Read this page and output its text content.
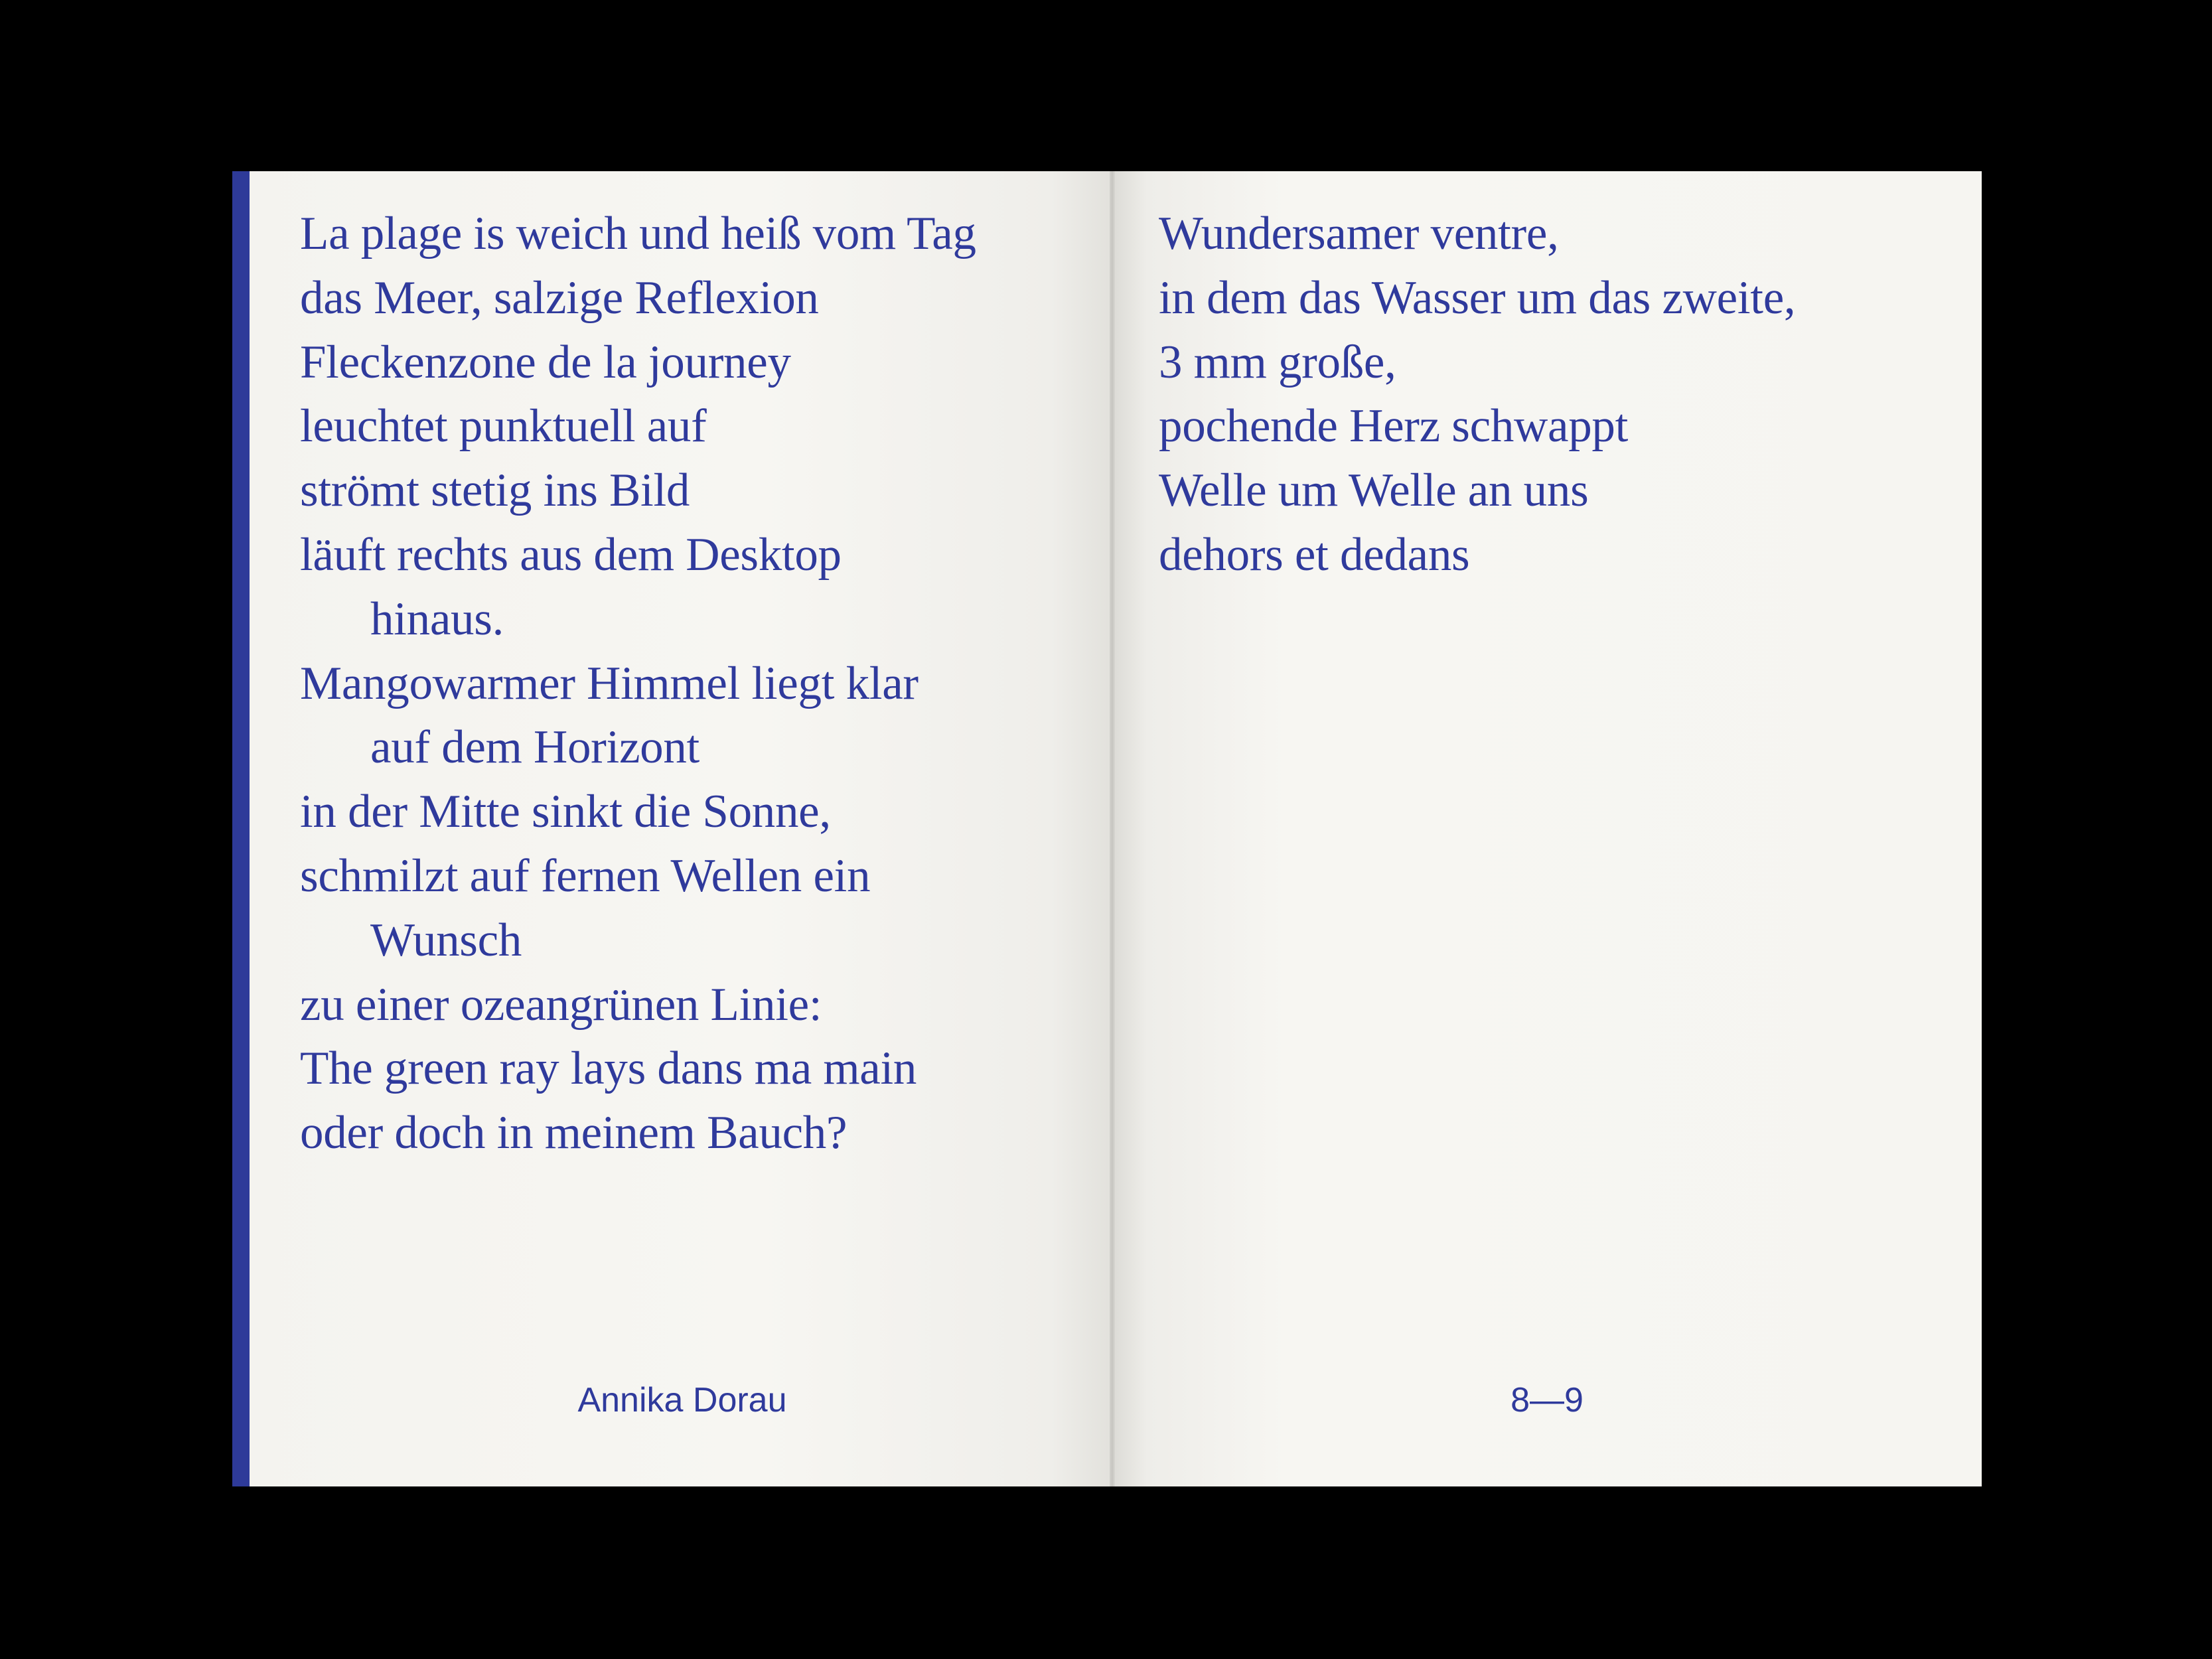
La plage is weich und heiß vom Tag
das Meer, salzige Reflexion
Fleckenzone de la journey
leuchtet punktuell auf
strömt stetig ins Bild
läuft rechts aus dem Desktop
hinaus.
Mangowarmer Himmel liegt klar
auf dem Horizont
in der Mitte sinkt die Sonne,
schmilzt auf fernen Wellen ein
Wunsch
zu einer ozeangrünen Linie:
The green ray lays dans ma main
oder doch in meinem Bauch?
Annika Dorau
Wundersamer ventre,
in dem das Wasser um das zweite,
3 mm große,
pochende Herz schwappt
Welle um Welle an uns
dehors et dedans
8—9
